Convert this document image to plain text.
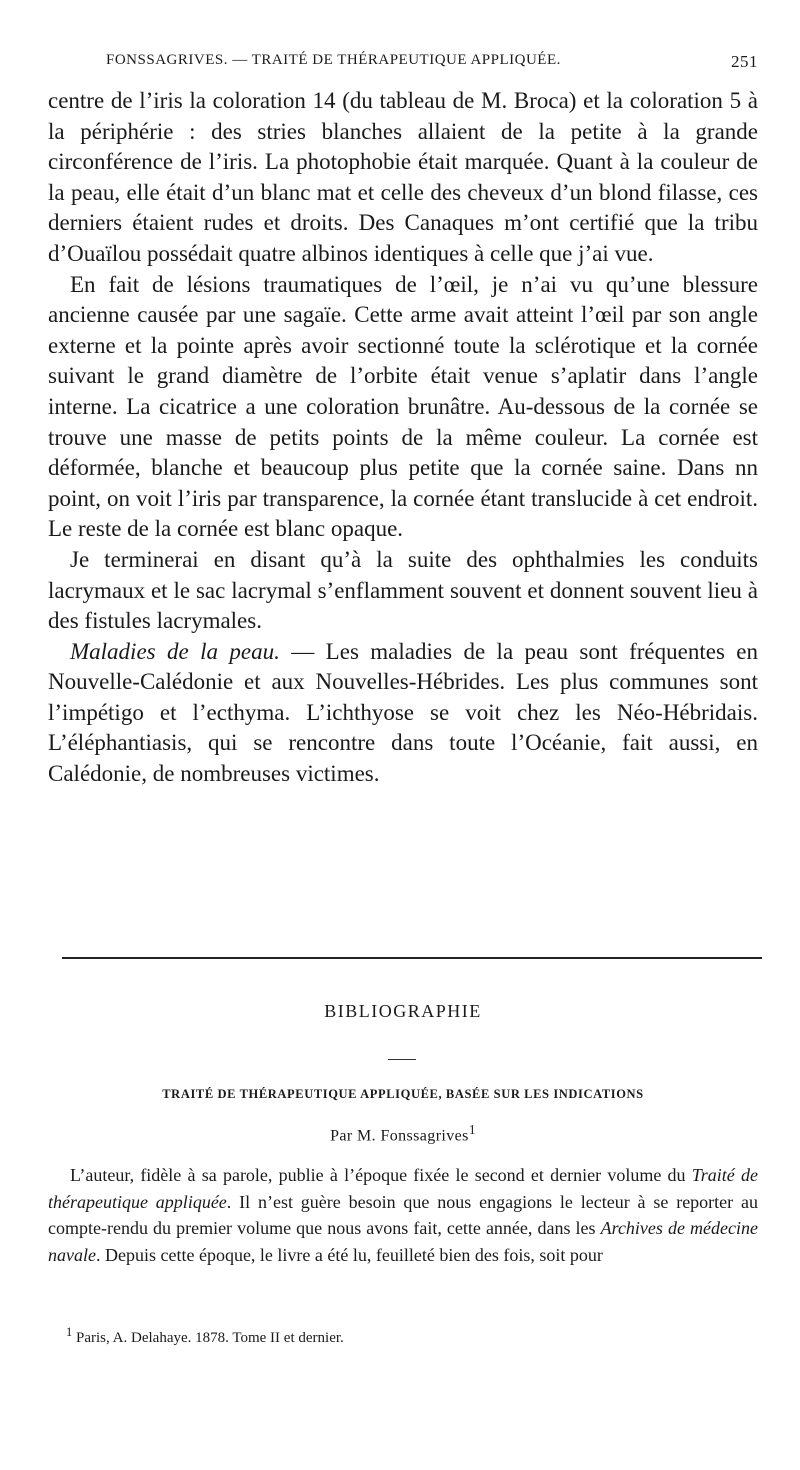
FONSSAGRIVES. — TRAITÉ DE THÉRAPEUTIQUE APPLIQUÉE.	251

centre de l’iris la coloration 14 (du tableau de M. Broca) et la coloration 5 à la périphérie : des stries blanches allaient de la petite à la grande circonférence de l’iris. La photophobie était marquée. Quant à la couleur de la peau, elle était d’un blanc mat et celle des cheveux d’un blond filasse, ces derniers étaient rudes et droits. Des Canaques m’ont certifié que la tribu d’Ouaïlou possédait quatre albinos identiques à celle que j’ai vue.

En fait de lésions traumatiques de l’œil, je n’ai vu qu’une blessure ancienne causée par une sagaïe. Cette arme avait atteint l’œil par son angle externe et la pointe après avoir sectionné toute la sclérotique et la cornée suivant le grand diamètre de l’orbite était venue s’aplatir dans l’angle interne. La cicatrice a une coloration brunâtre. Au-dessous de la cornée se trouve une masse de petits points de la même couleur. La cornée est déformée, blanche et beaucoup plus petite que la cornée saine. Dans nn point, on voit l’iris par transparence, la cornée étant translucide à cet endroit. Le reste de la cornée est blanc opaque.

Je terminerai en disant qu’à la suite des ophthalmies les conduits lacrymaux et le sac lacrymal s’enflamment souvent et donnent souvent lieu à des fistules lacrymales.

Maladies de la peau. — Les maladies de la peau sont fréquentes en Nouvelle-Calédonie et aux Nouvelles-Hébrides. Les plus communes sont l’impétigo et l’ecthyma. L’ichthyose se voit chez les Néo-Hébridais. L’éléphantiasis, qui se rencontre dans toute l’Océanie, fait aussi, en Calédonie, de nombreuses victimes.

BIBLIOGRAPHIE
TRAITÉ DE THÉRAPEUTIQUE APPLIQUÉE, BASÉE SUR LES INDICATIONS
Par M. Fonssagrives$^1$

L’auteur, fidèle à sa parole, publie à l’époque fixée le second et dernier volume du Traité de thérapeutique appliquée. Il n’est guère besoin que nous engagions le lecteur à se reporter au compte-rendu du premier volume que nous avons fait, cette année, dans les Archives de médecine navale. Depuis cette époque, le livre a été lu, feuilleté bien des fois, soit pour

$^1$ Paris, A. Delahaye. 1878. Tome II et dernier.
